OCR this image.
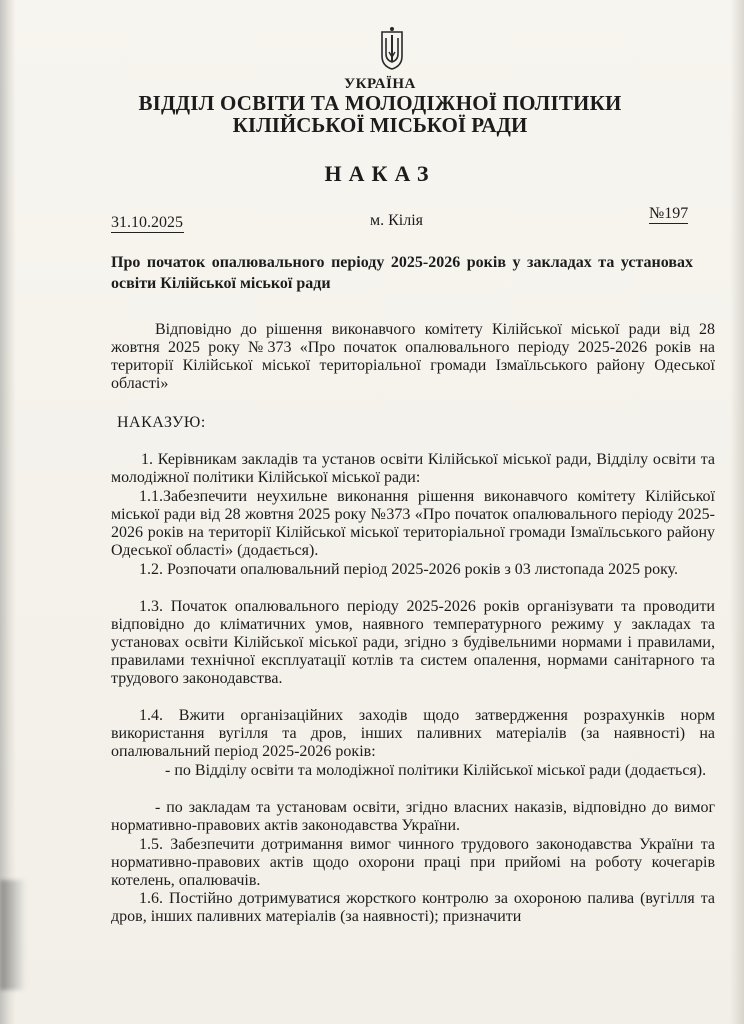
УКРАЇНА
ВІДДІЛ ОСВІТИ ТА МОЛОДІЖНОЇ ПОЛІТИКИ
КІЛІЙСЬКОЇ МІСЬКОЇ РАДИ
НАКАЗ
31.10.2025	м. Кілія	№197
Про початок опалювального періоду 2025-2026 років у закладах та установах освіти Кілійської міської ради
Відповідно до рішення виконавчого комітету Кілійської міської ради від 28 жовтня 2025 року №373 «Про початок опалювального періоду 2025-2026 років на території Кілійської міської територіальної громади Ізмаїльського району Одеської області»
НАКАЗУЮ:
1. Керівникам закладів та установ освіти Кілійської міської ради, Відділу освіти та молодіжної політики Кілійської міської ради:
1.1.Забезпечити неухильне виконання рішення виконавчого комітету Кілійської міської ради від 28 жовтня 2025 року №373 «Про початок опалювального періоду 2025-2026 років на території Кілійської міської територіальної громади Ізмаїльського району Одеської області» (додається).
1.2. Розпочати опалювальний період 2025-2026 років з 03 листопада 2025 року.
1.3. Початок опалювального періоду 2025-2026 років організувати та проводити відповідно до кліматичних умов, наявного температурного режиму у закладах та установах освіти Кілійської міської ради, згідно з будівельними нормами і правилами, правилами технічної експлуатації котлів та систем опалення, нормами санітарного та трудового законодавства.
1.4. Вжити організаційних заходів щодо затвердження розрахунків норм використання вугілля та дров, інших паливних матеріалів (за наявності) на опалювальний період 2025-2026 років:
- по Відділу освіти та молодіжної політики Кілійської міської ради (додається).
- по закладам та установам освіти, згідно власних наказів, відповідно до вимог нормативно-правових актів законодавства України.
1.5. Забезпечити дотримання вимог чинного трудового законодавства України та нормативно-правових актів щодо охорони праці при прийомі на роботу кочегарів котелень, опалювачів.
1.6. Постійно дотримуватися жорсткого контролю за охороною палива (вугілля та дров, інших паливних матеріалів (за наявності); призначити
